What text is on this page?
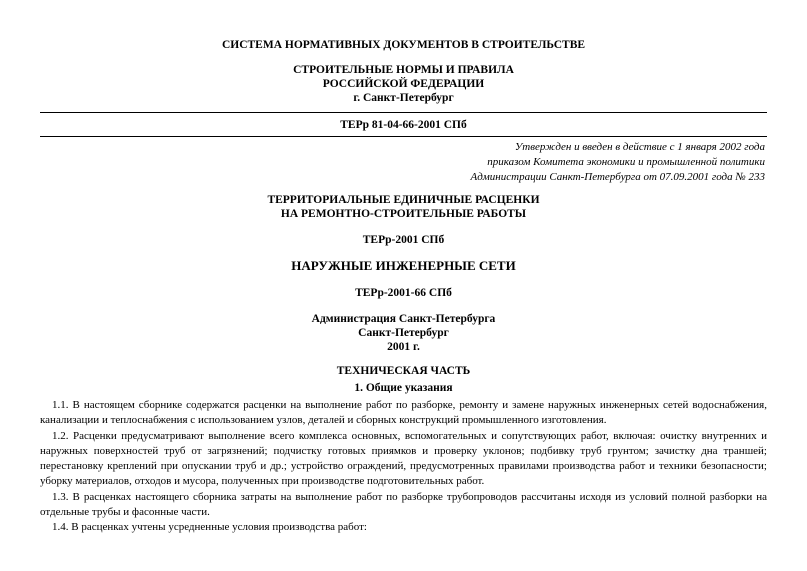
СИСТЕМА НОРМАТИВНЫХ ДОКУМЕНТОВ В СТРОИТЕЛЬСТВЕ
СТРОИТЕЛЬНЫЕ НОРМЫ И ПРАВИЛА
РОССИЙСКОЙ ФЕДЕРАЦИИ
г. Санкт-Петербург
ТЕРр 81-04-66-2001 СПб
Утвержден и введен в действие с 1 января 2002 года
приказом Комитета экономики и промышленной политики
Администрации Санкт-Петербурга от 07.09.2001 года № 233
ТЕРРИТОРИАЛЬНЫЕ ЕДИНИЧНЫЕ РАСЦЕНКИ
НА РЕМОНТНО-СТРОИТЕЛЬНЫЕ РАБОТЫ
ТЕРр-2001 СПб
НАРУЖНЫЕ ИНЖЕНЕРНЫЕ СЕТИ
ТЕРр-2001-66 СПб
Администрация Санкт-Петербурга
Санкт-Петербург
2001 г.
ТЕХНИЧЕСКАЯ ЧАСТЬ
1. Общие указания

1.1. В настоящем сборнике содержатся расценки на выполнение работ по разборке, ремонту и замене наружных инженерных сетей водоснабжения, канализации и теплоснабжения с использованием узлов, деталей и сборных конструкций промышленного изготовления.

1.2. Расценки предусматривают выполнение всего комплекса основных, вспомогательных и сопутствующих работ, включая: очистку внутренних и наружных поверхностей труб от загрязнений; подчистку готовых приямков и проверку уклонов; подбивку труб грунтом; зачистку дна траншей; перестановку креплений при опускании труб и др.; устройство ограждений, предусмотренных правилами производства работ и техники безопасности; уборку материалов, отходов и мусора, полученных при производстве подготовительных работ.

1.3. В расценках настоящего сборника затраты на выполнение работ по разборке трубопроводов рассчитаны исходя из условий полной разборки на отдельные трубы и фасонные части.

1.4. В расценках учтены усредненные условия производства работ:
